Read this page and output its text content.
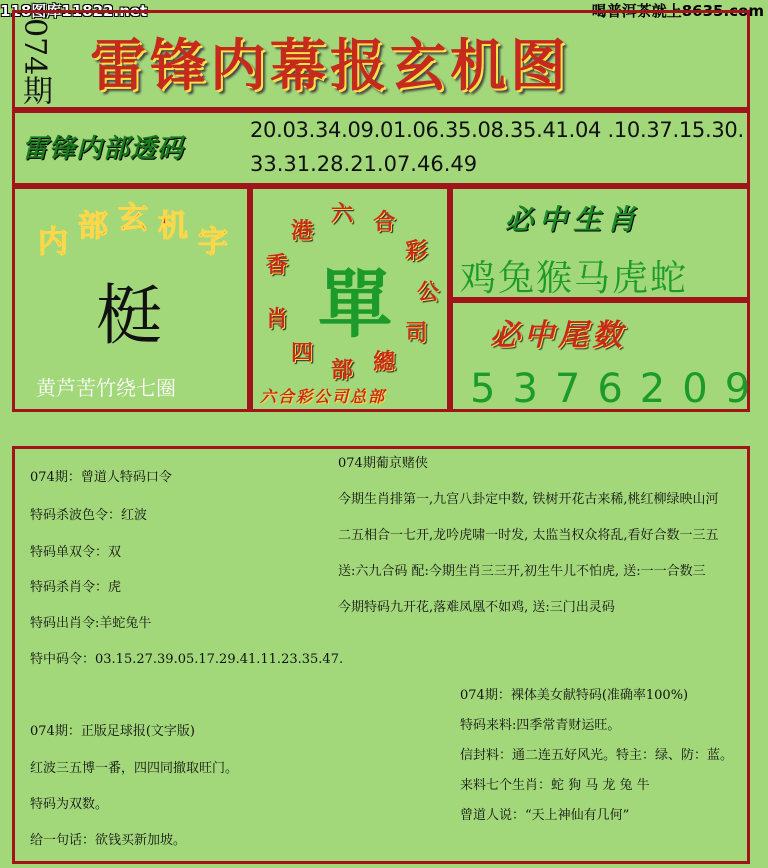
118图库11822.net	喝普洱茶就上8635.com
074期 雷锋内幕报玄机图
雷锋内部透码
20.03.34.09.01.06.35.08.35.41.04 .10.37.15.30.
33.31.28.21.07.46.49
内 部 玄 机 字
梃
黄芦苦竹绕七圈
香
港
六 合
彩
公
司
總
部
四
肖 單
六合彩公司总部
必中生肖
鸡兔猴马虎蛇
必中尾数
5376209
074期：曾道人特码口令
特码杀波色令：红波
特码单双令：双
特码杀肖令：虎
特码出肖令:羊蛇兔牛
特中码令：03.15.27.39.05.17.29.41.11.23.35.47.
074期：正版足球报(文字版)
红波三五博一番，四四同撤取旺门。
特码为双数。
给一句话：欲钱买新加坡。
074期葡京赌侠
今期生肖排第一,九宫八卦定中数, 铁树开花古来稀,桃红柳绿映山河
二五相合一七开,龙吟虎啸一时发, 太监当权众将乱,看好合数一三五
送:六九合码 配:今期生肖三三开,初生牛儿不怕虎, 送:一一合数三
今期特码九开花,落难凤凰不如鸡, 送:三门出灵码
074期：裸体美女献特码(准确率100%)
特码来料:四季常青财运旺。
信封料：通二连五好风光。特主：绿、防：蓝。
来料七个生肖：蛇 狗 马 龙 兔 牛
曾道人说：“天上神仙有几何”
